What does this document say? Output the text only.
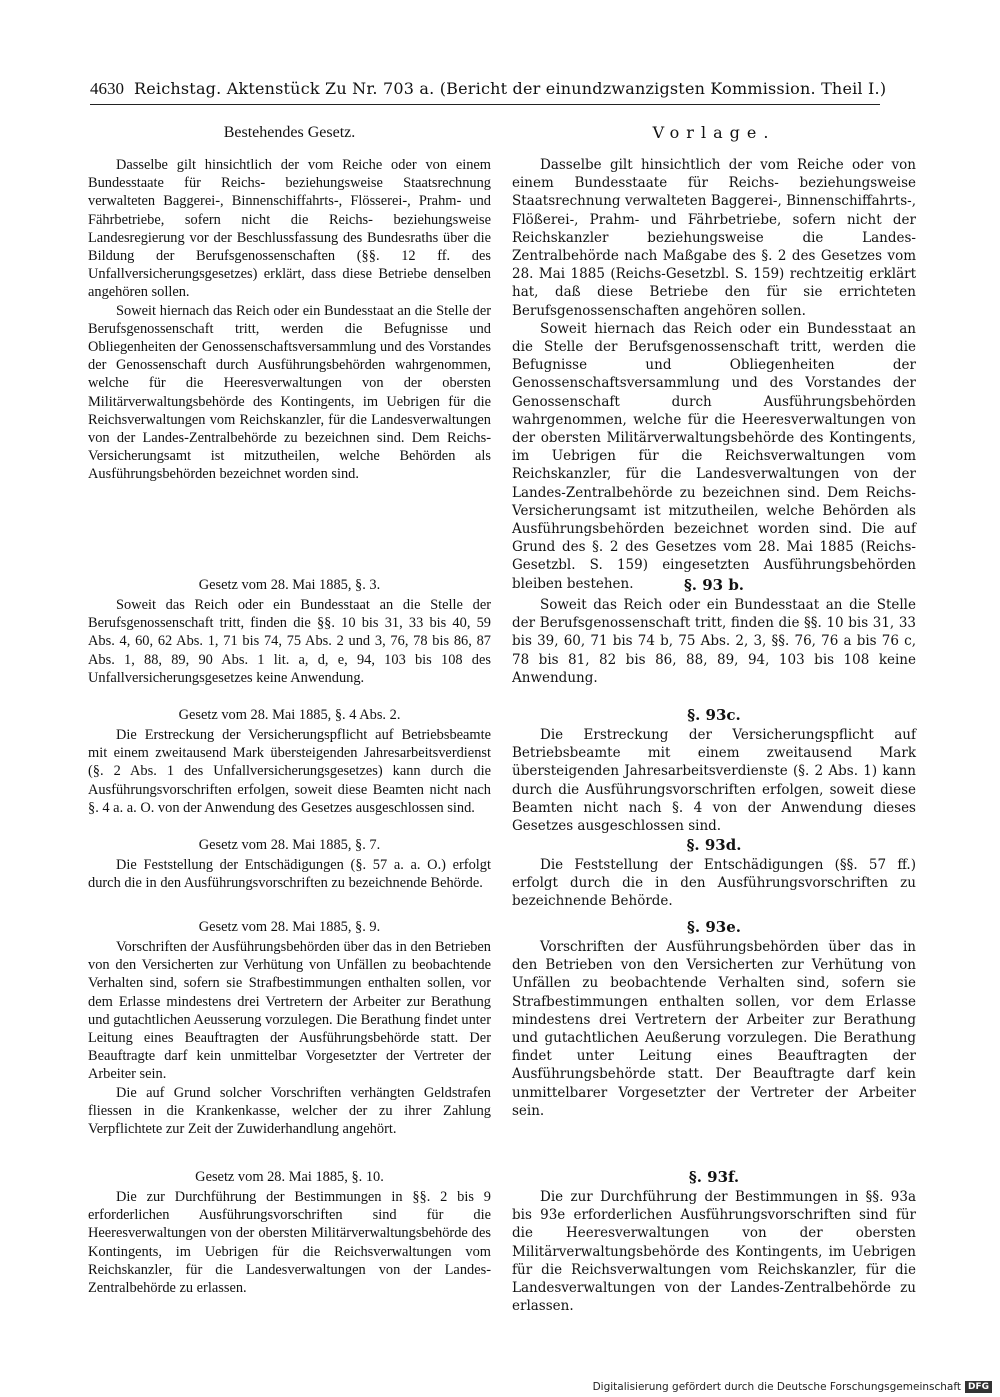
4630 Reichstag. Aktenstück Zu Nr. 703 a. (Bericht der einundzwanzigsten Kommission. Theil I.)
Bestehendes Gesetz.

Dasselbe gilt hinsichtlich der vom Reiche oder von einem Bundesstaate für Reichs- beziehungsweise Staatsrechnung verwalteten Baggerei-, Binnenschiffahrts-, Flösserei-, Prahm- und Fährbetriebe, sofern nicht die Reichs- beziehungsweise Landesregierung vor der Beschlussfassung des Bundesraths über die Bildung der Berufsgenossenschaften (§§. 12 ff. des Unfallversicherungsgesetzes) erklärt, dass diese Betriebe denselben angehören sollen.

Soweit hiernach das Reich oder ein Bundesstaat an die Stelle der Berufsgenossenschaft tritt, werden die Befugnisse und Obliegenheiten der Genossenschaftsversammlung und des Vorstandes der Genossenschaft durch Ausführungsbehörden wahrgenommen, welche für die Heeresverwaltungen von der obersten Militärverwaltungsbehörde des Kontingents, im Uebrigen für die Reichsverwaltungen vom Reichskanzler, für die Landesverwaltungen von der Landes-Zentralbehörde zu bezeichnen sind. Dem Reichs-Versicherungsamt ist mitzutheilen, welche Behörden als Ausführungsbehörden bezeichnet worden sind.

Vorlage.

Dasselbe gilt hinsichtlich der vom Reiche oder von einem Bundesstaate für Reichs- beziehungsweise Staatsrechnung verwalteten Baggerei-, Binnenschiffahrts-, Flößerei-, Prahm- und Fährbetriebe, sofern nicht der Reichskanzler beziehungsweise die Landes-Zentralbehörde nach Maßgabe des §. 2 des Gesetzes vom 28. Mai 1885 (Reichs-Gesetzbl. S. 159) rechtzeitig erklärt hat, daß diese Betriebe den für sie errichteten Berufsgenossenschaften angehören sollen.

Soweit hiernach das Reich oder ein Bundesstaat an die Stelle der Berufsgenossenschaft tritt, werden die Befugnisse und Obliegenheiten der Genossenschaftsversammlung und des Vorstandes der Genossenschaft durch Ausführungsbehörden wahrgenommen, welche für die Heeresverwaltungen von der obersten Militärverwaltungsbehörde des Kontingents, im Uebrigen für die Reichsverwaltungen vom Reichskanzler, für die Landesverwaltungen von der Landes-Zentralbehörde zu bezeichnen sind. Dem Reichs-Versicherungsamt ist mitzutheilen, welche Behörden als Ausführungsbehörden bezeichnet worden sind. Die auf Grund des §. 2 des Gesetzes vom 28. Mai 1885 (Reichs-Gesetzbl. S. 159) eingesetzten Ausführungsbehörden bleiben bestehen.

Gesetz vom 28. Mai 1885, §. 3.

Soweit das Reich oder ein Bundesstaat an die Stelle der Berufsgenossenschaft tritt, finden die §§. 10 bis 31, 33 bis 40, 59 Abs. 4, 60, 62 Abs. 1, 71 bis 74, 75 Abs. 2 und 3, 76, 78 bis 86, 87 Abs. 1, 88, 89, 90 Abs. 1 lit. a, d, e, 94, 103 bis 108 des Unfallversicherungsgesetzes keine Anwendung.

§. 93 b.

Soweit das Reich oder ein Bundesstaat an die Stelle der Berufsgenossenschaft tritt, finden die §§. 10 bis 31, 33 bis 39, 60, 71 bis 74 b, 75 Abs. 2, 3, §§. 76, 76 a bis 76 c, 78 bis 81, 82 bis 86, 88, 89, 94, 103 bis 108 keine Anwendung.

Gesetz vom 28. Mai 1885, §. 4 Abs. 2.

Die Erstreckung der Versicherungspflicht auf Betriebsbeamte mit einem zweitausend Mark übersteigenden Jahresarbeitsverdienst (§. 2 Abs. 1 des Unfallversicherungsgesetzes) kann durch die Ausführungsvorschriften erfolgen, soweit diese Beamten nicht nach §. 4 a. a. O. von der Anwendung des Gesetzes ausgeschlossen sind.

§. 93c.

Die Erstreckung der Versicherungspflicht auf Betriebsbeamte mit einem zweitausend Mark übersteigenden Jahresarbeitsverdienste (§. 2 Abs. 1) kann durch die Ausführungsvorschriften erfolgen, soweit diese Beamten nicht nach §. 4 von der Anwendung dieses Gesetzes ausgeschlossen sind.

Gesetz vom 28. Mai 1885, §. 7.

Die Feststellung der Entschädigungen (§. 57 a. a. O.) erfolgt durch die in den Ausführungsvorschriften zu bezeichnende Behörde.

§. 93d.

Die Feststellung der Entschädigungen (§§. 57 ff.) erfolgt durch die in den Ausführungsvorschriften zu bezeichnende Behörde.

Gesetz vom 28. Mai 1885, §. 9.

Vorschriften der Ausführungsbehörden über das in den Betrieben von den Versicherten zur Verhütung von Unfällen zu beobachtende Verhalten sind, sofern sie Strafbestimmungen enthalten sollen, vor dem Erlasse mindestens drei Vertretern der Arbeiter zur Berathung und gutachtlichen Aeusserung vorzulegen. Die Berathung findet unter Leitung eines Beauftragten der Ausführungsbehörde statt. Der Beauftragte darf kein unmittelbar Vorgesetzter der Vertreter der Arbeiter sein.

Die auf Grund solcher Vorschriften verhängten Geldstrafen fliessen in die Krankenkasse, welcher der zu ihrer Zahlung Verpflichtete zur Zeit der Zuwiderhandlung angehört.

§. 93e.

Vorschriften der Ausführungsbehörden über das in den Betrieben von den Versicherten zur Verhütung von Unfällen zu beobachtende Verhalten sind, sofern sie Strafbestimmungen enthalten sollen, vor dem Erlasse mindestens drei Vertretern der Arbeiter zur Berathung und gutachtlichen Aeußerung vorzulegen. Die Berathung findet unter Leitung eines Beauftragten der Ausführungsbehörde statt. Der Beauftragte darf kein unmittelbarer Vorgesetzter der Vertreter der Arbeiter sein.

Gesetz vom 28. Mai 1885, §. 10.

Die zur Durchführung der Bestimmungen in §§. 2 bis 9 erforderlichen Ausführungsvorschriften sind für die Heeresverwaltungen von der obersten Militärverwaltungsbehörde des Kontingents, im Uebrigen für die Reichsverwaltungen vom Reichskanzler, für die Landesverwaltungen von der Landes-Zentralbehörde zu erlassen.

§. 93f.

Die zur Durchführung der Bestimmungen in §§. 93a bis 93e erforderlichen Ausführungsvorschriften sind für die Heeresverwaltungen von der obersten Militärverwaltungsbehörde des Kontingents, im Uebrigen für die Reichsverwaltungen vom Reichskanzler, für die Landesverwaltungen von der Landes-Zentralbehörde zu erlassen.

Digitalisierung gefördert durch die Deutsche Forschungsgemeinschaft DFG
